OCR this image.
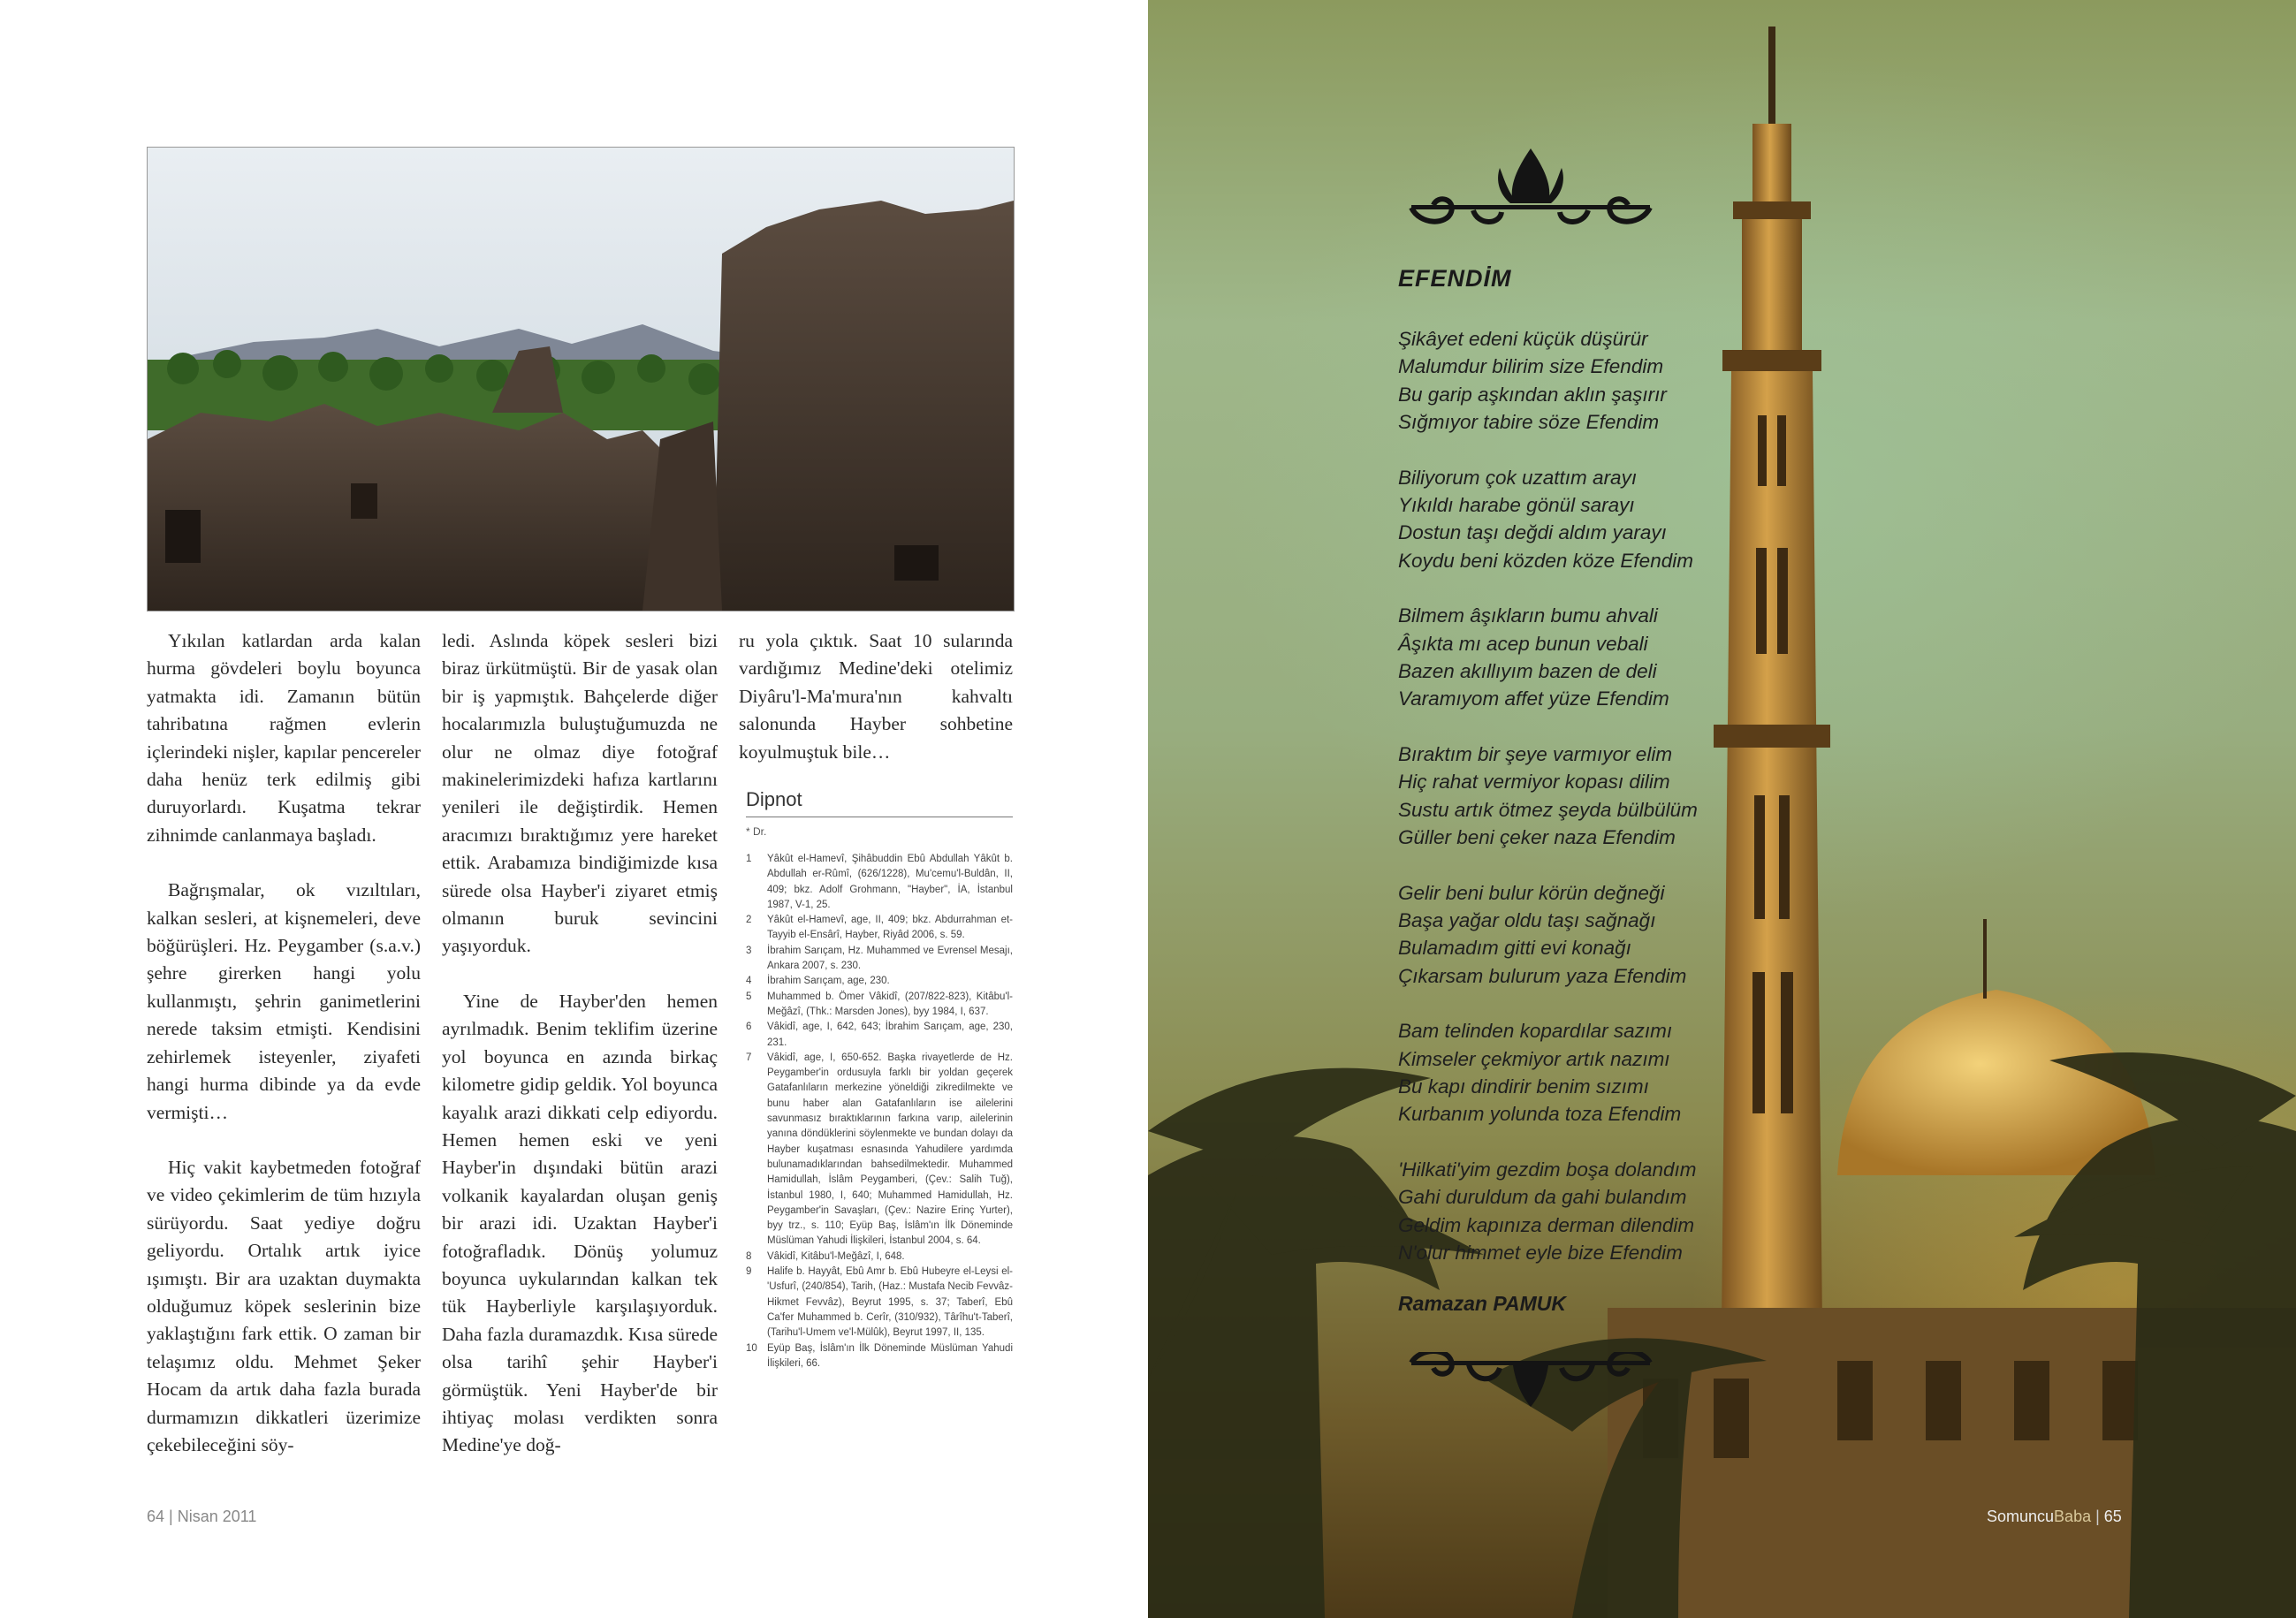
Yıkılan katlardan arda kalan hurma gövdeleri boylu boyunca yatmakta idi. Zamanın bütün tahribatına rağmen evlerin içlerindeki nişler, kapılar pencereler daha henüz terk edilmiş gibi duruyorlardı. Kuşatma tekrar zihnimde canlanmaya başladı.

Bağrışmalar, ok vızıltıları, kalkan sesleri, at kişnemeleri, deve böğürüşleri. Hz. Peygamber (s.a.v.) şehre girerken hangi yolu kullanmıştı, şehrin ganimetlerini nerede taksim etmişti. Kendisini zehirlemek isteyenler, ziyafeti hangi hurma dibinde ya da evde vermişti…

Hiç vakit kaybetmeden fotoğraf ve video çekimlerim de tüm hızıyla sürüyordu. Saat yediye doğru geliyordu. Ortalık artık iyice ışımıştı. Bir ara uzaktan duymakta olduğumuz köpek seslerinin bize yaklaştığını fark ettik. O zaman bir telaşımız oldu. Mehmet Şeker Hocam da artık daha fazla burada durmamızın dikkatleri üzerimize çekebileceğini söy-

ledi. Aslında köpek sesleri bizi biraz ürkütmüştü. Bir de yasak olan bir iş yapmıştık. Bahçelerde diğer hocalarımızla buluştuğumuzda ne olur ne olmaz diye fotoğraf makinelerimizdeki hafıza kartlarını yenileri ile değiştirdik. Hemen aracımızı bıraktığımız yere hareket ettik. Arabamıza bindiğimizde kısa sürede olsa Hayber'i ziyaret etmiş olmanın buruk sevincini yaşıyorduk.

Yine de Hayber'den hemen ayrılmadık. Benim teklifim üzerine yol boyunca en azında birkaç kilometre gidip geldik. Yol boyunca kayalık arazi dikkati celp ediyordu. Hemen hemen eski ve yeni Hayber'in dışındaki bütün arazi volkanik kayalardan oluşan geniş bir arazi idi. Uzaktan Hayber'i fotoğrafladık. Dönüş yolumuz boyunca uykularından kalkan tek tük Hayberliyle karşılaşıyorduk. Daha fazla duramazdık. Kısa sürede olsa tarihî şehir Hayber'i görmüştük. Yeni Hayber'de bir ihtiyaç molası verdikten sonra Medine'ye doğ-

ru yola çıktık. Saat 10 sularında vardığımız Medine'deki otelimiz Diyâru'l-Ma'mura'nın kahvaltı salonunda Hayber sohbetine koyulmuştuk bile…

Dipnot
* Dr.
1	Yâkût el-Hamevî, Şihâbuddin Ebû Abdullah Yâkût b. Abdullah er-Rûmî, (626/1228), Mu'cemu'l-Buldân, II, 409; bkz. Adolf Grohmann, "Hayber", İA, İstanbul 1987, V-1, 25.
2	Yâkût el-Hamevî, age, II, 409; bkz. Abdurrahman et-Tayyib el-Ensârî, Hayber, Riyâd 2006, s. 59.
3	İbrahim Sarıçam, Hz. Muhammed ve Evrensel Mesajı, Ankara 2007, s. 230.
4	İbrahim Sarıçam, age, 230.
5	Muhammed b. Ömer Vâkidî, (207/822-823), Kitâbu'l-Meğâzî, (Thk.: Marsden Jones), byy 1984, I, 637.
6	Vâkidî, age, I, 642, 643; İbrahim Sarıçam, age, 230, 231.
7	Vâkidî, age, I, 650-652. Başka rivayetlerde de Hz. Peygamber'in ordusuyla farklı bir yoldan geçerek Gatafanlıların merkezine yöneldiği zikredilmekte ve bunu haber alan Gatafanlıların ise ailelerini savunmasız bıraktıklarının farkına varıp, ailelerinin yanına döndüklerini söylenmekte ve bundan dolayı da Hayber kuşatması esnasında Yahudilere yardımda bulunamadıklarından bahsedilmektedir. Muhammed Hamidullah, İslâm Peygamberi, (Çev.: Salih Tuğ), İstanbul 1980, I, 640; Muhammed Hamidullah, Hz. Peygamber'in Savaşları, (Çev.: Nazire Erinç Yurter), byy trz., s. 110; Eyüp Baş, İslâm'ın İlk Döneminde Müslüman Yahudi İlişkileri, İstanbul 2004, s. 64.
8	Vâkidî, Kitâbu'l-Meğâzî, I, 648.
9	Halife b. Hayyât, Ebû Amr b. Ebû Hubeyre el-Leysi el-'Usfurî, (240/854), Tarih, (Haz.: Mustafa Necib Fevvâz-Hikmet Fevvâz), Beyrut 1995, s. 37; Taberî, Ebû Ca'fer Muhammed b. Cerîr, (310/932), Târîhu't-Taberî, (Tarihu'l-Umem ve'l-Mülûk), Beyrut 1997, II, 135.
10 Eyüp Baş, İslâm'ın İlk Döneminde Müslüman Yahudi İlişkileri, 66.
64 | Nisan 2011
EFENDİM
Şikâyet edeni küçük düşürür
Malumdur bilirim size Efendim
Bu garip aşkından aklın şaşırır
Sığmıyor tabire söze Efendim
Biliyorum çok uzattım arayı
Yıkıldı harabe gönül sarayı
Dostun taşı değdi aldım yarayı
Koydu beni közden köze Efendim
Bilmem âşıkların bumu ahvali
Âşıkta mı acep bunun vebali
Bazen akıllıyım bazen de deli
Varamıyom affet yüze Efendim
Bıraktım bir şeye varmıyor elim
Hiç rahat vermiyor kopası dilim
Sustu artık ötmez şeyda bülbülüm
Güller beni çeker naza Efendim
Gelir beni bulur körün değneği
Başa yağar oldu taşı sağnağı
Bulamadım gitti evi konağı
Çıkarsam bulurum yaza Efendim
Bam telinden kopardılar sazımı
Kimseler çekmiyor artık nazımı
Bu kapı dindirir benim sızımı
Kurbanım yolunda toza Efendim
'Hilkati'yim gezdim boşa dolandım
Gahi duruldum da gahi bulandım
Geldim kapınıza derman dilendim
N'olur himmet eyle bize Efendim
Ramazan PAMUK
SomuncuBaba | 65
